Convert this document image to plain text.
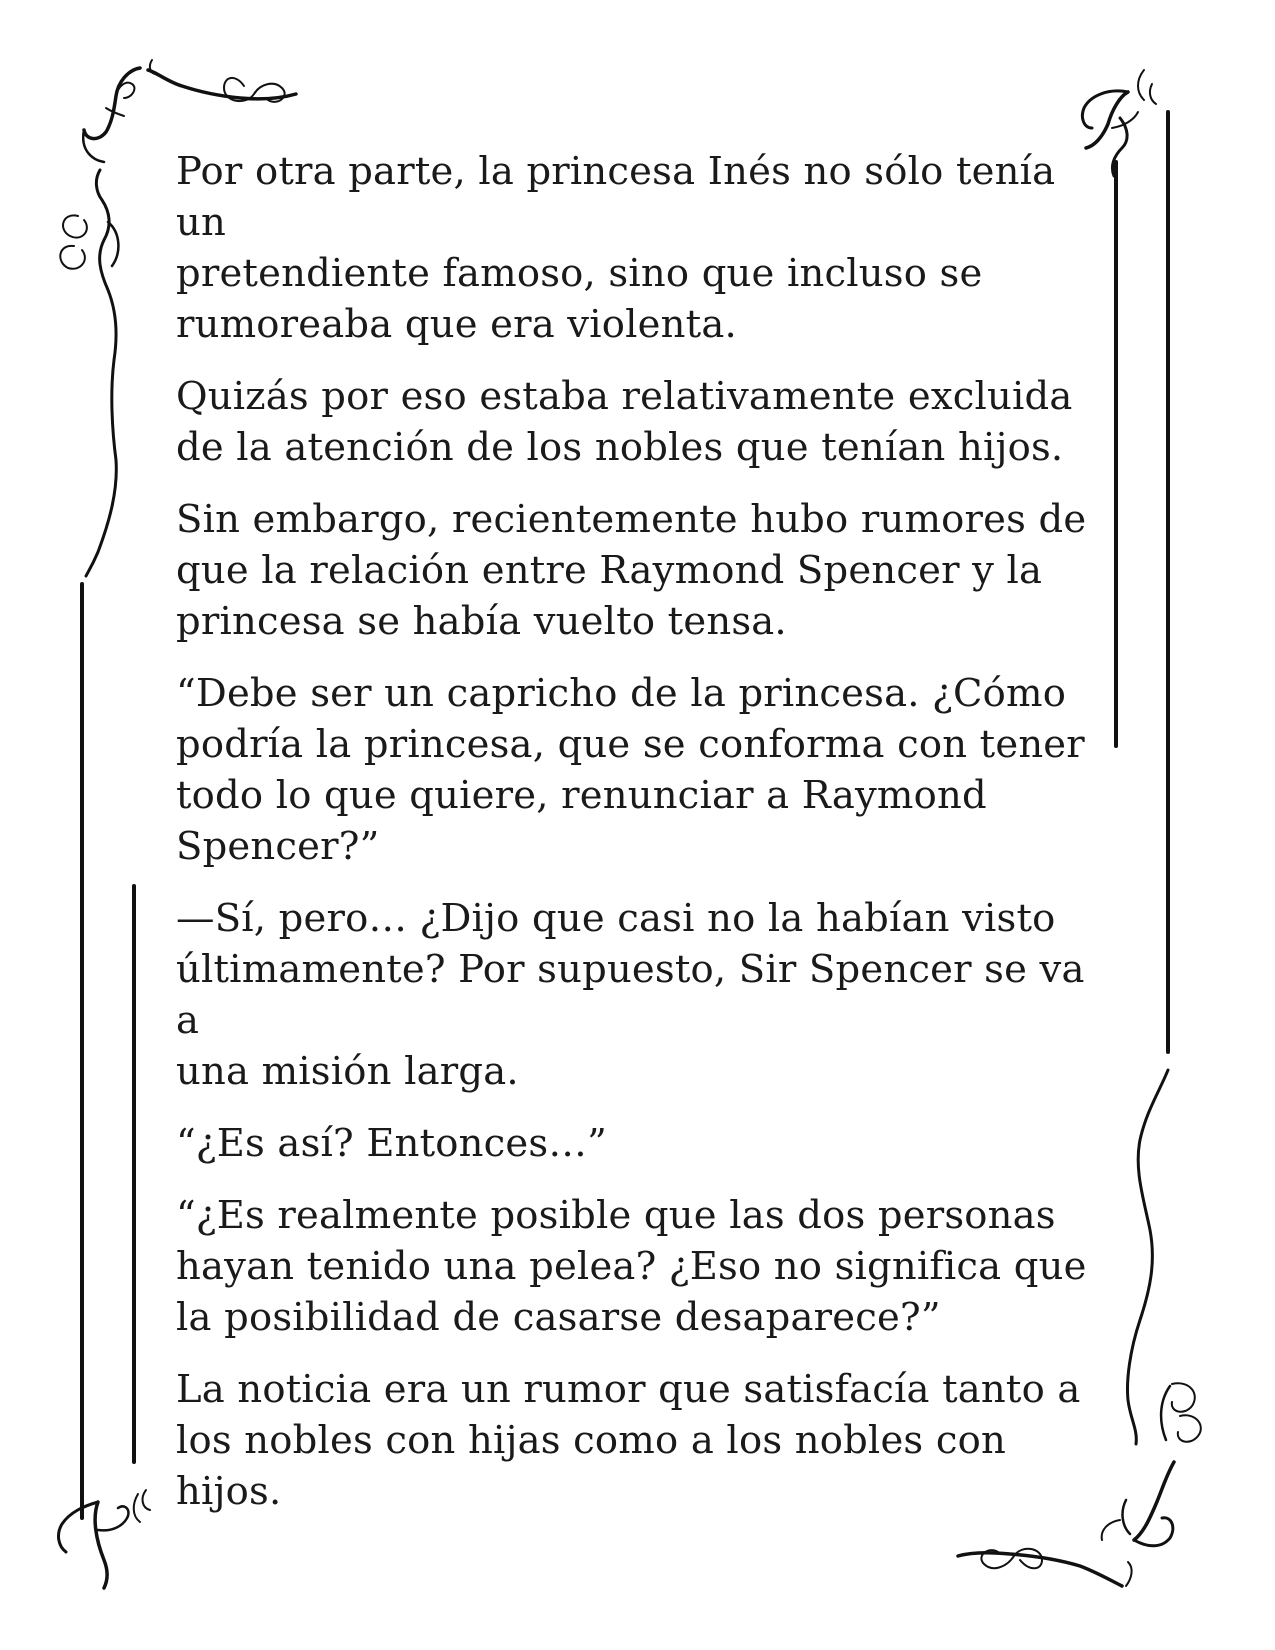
Por otra parte, la princesa Inés no sólo tenía un
pretendiente famoso, sino que incluso se
rumoreaba que era violenta.
Quizás por eso estaba relativamente excluida
de la atención de los nobles que tenían hijos.
Sin embargo, recientemente hubo rumores de
que la relación entre Raymond Spencer y la
princesa se había vuelto tensa.
“Debe ser un capricho de la princesa. ¿Cómo
podría la princesa, que se conforma con tener
todo lo que quiere, renunciar a Raymond
Spencer?”
—Sí, pero… ¿Dijo que casi no la habían visto
últimamente? Por supuesto, Sir Spencer se va a
una misión larga.
“¿Es así? Entonces…”
“¿Es realmente posible que las dos personas
hayan tenido una pelea? ¿Eso no significa que
la posibilidad de casarse desaparece?”
La noticia era un rumor que satisfacía tanto a
los nobles con hijas como a los nobles con hijos.
